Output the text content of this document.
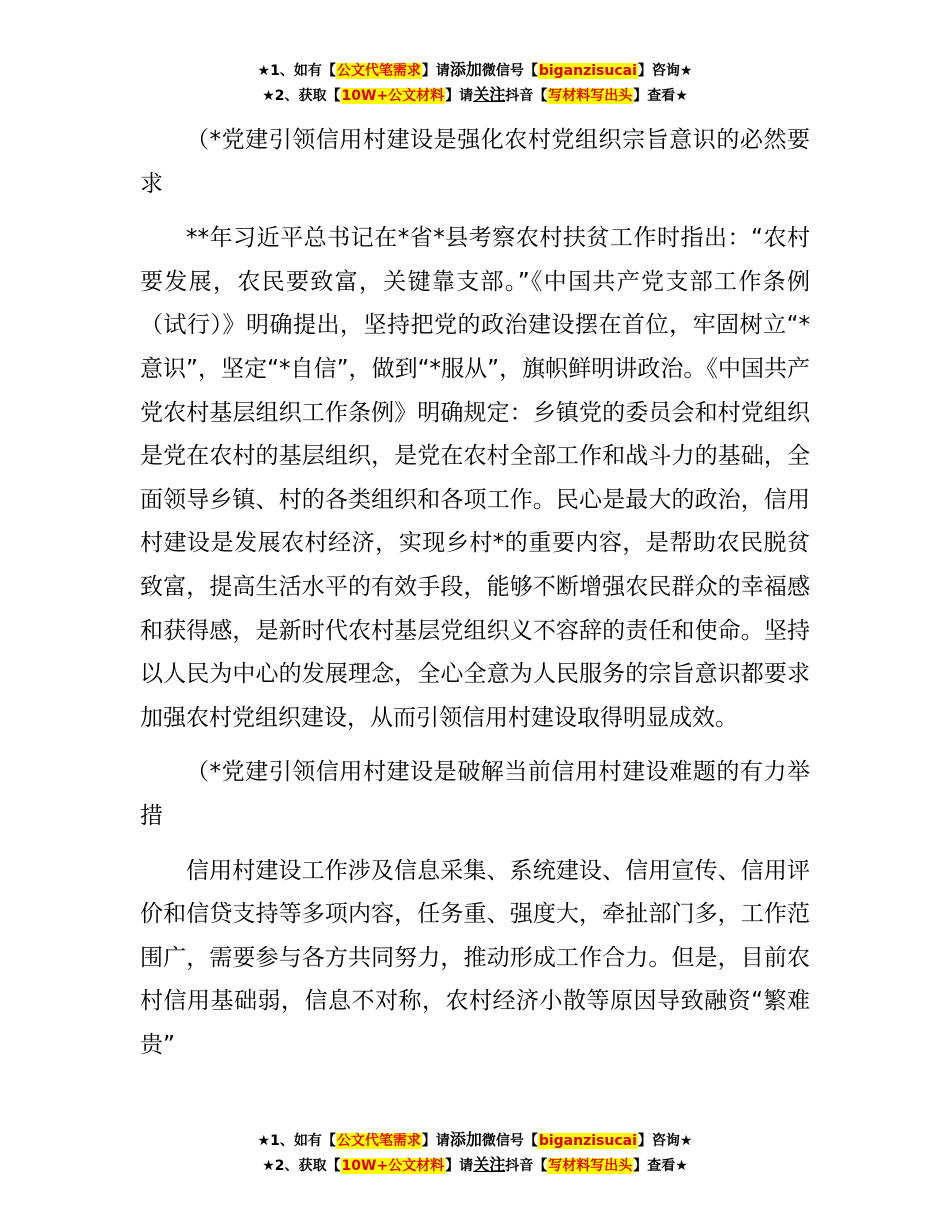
★1、如有【公文代笔需求】请添加微信号【biganzisucai】咨询★
★2、获取【10W+公文材料】请关注抖音【写材料写出头】查看★

（*党建引领信用村建设是强化农村党组织宗旨意识的必然要求

**年习近平总书记在*省*县考察农村扶贫工作时指出：“农村要发展，农民要致富，关键靠支部。”《中国共产党支部工作条例（试行）》明确提出，坚持把党的政治建设摆在首位，牢固树立“*意识”，坚定“*自信”，做到“*服从”，旗帜鲜明讲政治。《中国共产党农村基层组织工作条例》明确规定：乡镇党的委员会和村党组织是党在农村的基层组织，是党在农村全部工作和战斗力的基础，全面领导乡镇、村的各类组织和各项工作。民心是最大的政治，信用村建设是发展农村经济，实现乡村*的重要内容，是帮助农民脱贫致富，提高生活水平的有效手段，能够不断增强农民群众的幸福感和获得感，是新时代农村基层党组织义不容辞的责任和使命。坚持以人民为中心的发展理念，全心全意为人民服务的宗旨意识都要求加强农村党组织建设，从而引领信用村建设取得明显成效。

（*党建引领信用村建设是破解当前信用村建设难题的有力举措

信用村建设工作涉及信息采集、系统建设、信用宣传、信用评价和信贷支持等多项内容，任务重、强度大，牵扯部门多，工作范围广，需要参与各方共同努力，推动形成工作合力。但是，目前农村信用基础弱，信息不对称，农村经济小散等原因导致融资“繁难贵”

★1、如有【公文代笔需求】请添加微信号【biganzisucai】咨询★
★2、获取【10W+公文材料】请关注抖音【写材料写出头】查看★
